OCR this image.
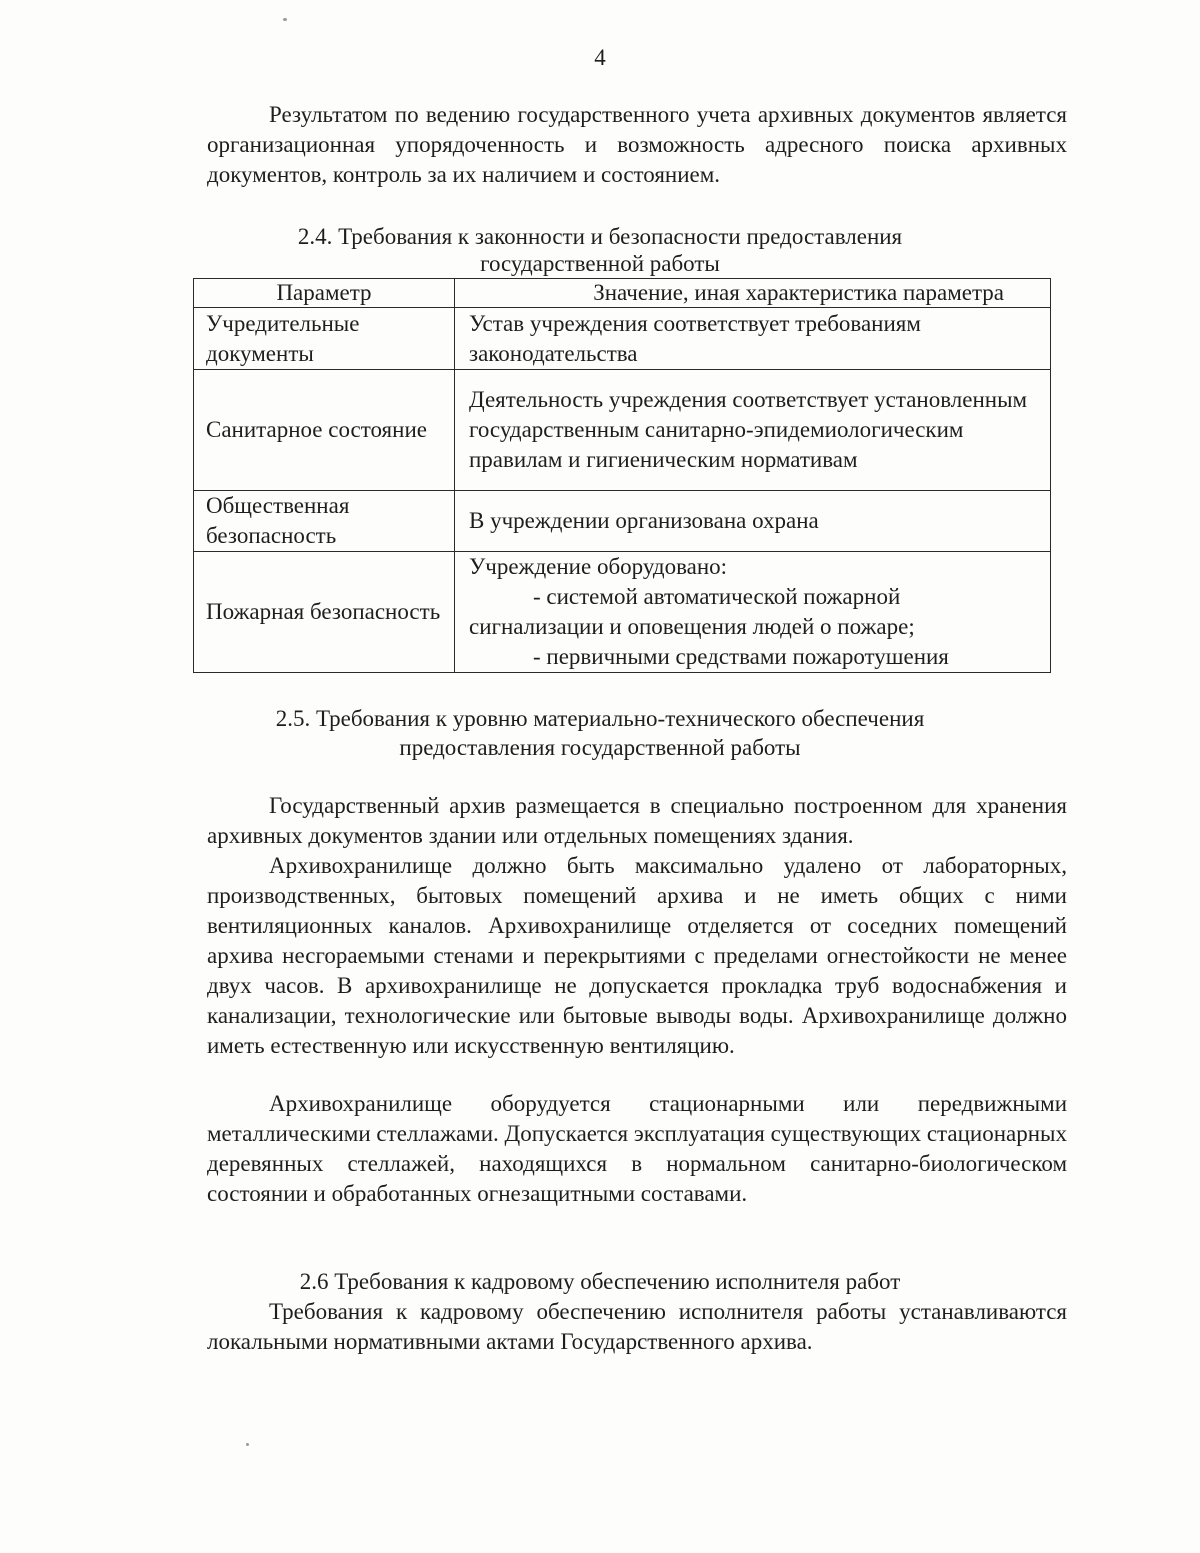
4

Результатом по ведению государственного учета архивных документов является организационная упорядоченность и возможность адресного поиска архивных документов, контроль за их наличием и состоянием.

2.4. Требования к законности и безопасности предоставления
государственной работы
Параметр	Значение, иная характеристика параметра
Учредительные документы	Устав учреждения соответствует требованиям законодательства
Санитарное состояние	Деятельность учреждения соответствует установленным государственным санитарно-эпидемиологическим правилам и гигиеническим нормативам
Общественная безопасность	В учреждении организована охрана
Пожарная безопасность	Учреждение оборудовано:
- системой автоматической пожарной сигнализации и оповещения людей о пожаре;
- первичными средствами пожаротушения
2.5. Требования к уровню материально-технического обеспечения
предоставления государственной работы

Государственный архив размещается в специально построенном для хранения архивных документов здании или отдельных помещениях здания.

Архивохранилище должно быть максимально удалено от лабораторных, производственных, бытовых помещений архива и не иметь общих с ними вентиляционных каналов. Архивохранилище отделяется от соседних помещений архива несгораемыми стенами и перекрытиями с пределами огнестойкости не менее двух часов. В архивохранилище не допускается прокладка труб водоснабжения и канализации, технологические или бытовые выводы воды. Архивохранилище должно иметь естественную или искусственную вентиляцию.

Архивохранилище оборудуется стационарными или передвижными металлическими стеллажами. Допускается эксплуатация существующих стационарных деревянных стеллажей, находящихся в нормальном санитарно-биологическом состоянии и обработанных огнезащитными составами.

2.6 Требования к кадровому обеспечению исполнителя работ

Требования к кадровому обеспечению исполнителя работы устанавливаются локальными нормативными актами Государственного архива.
